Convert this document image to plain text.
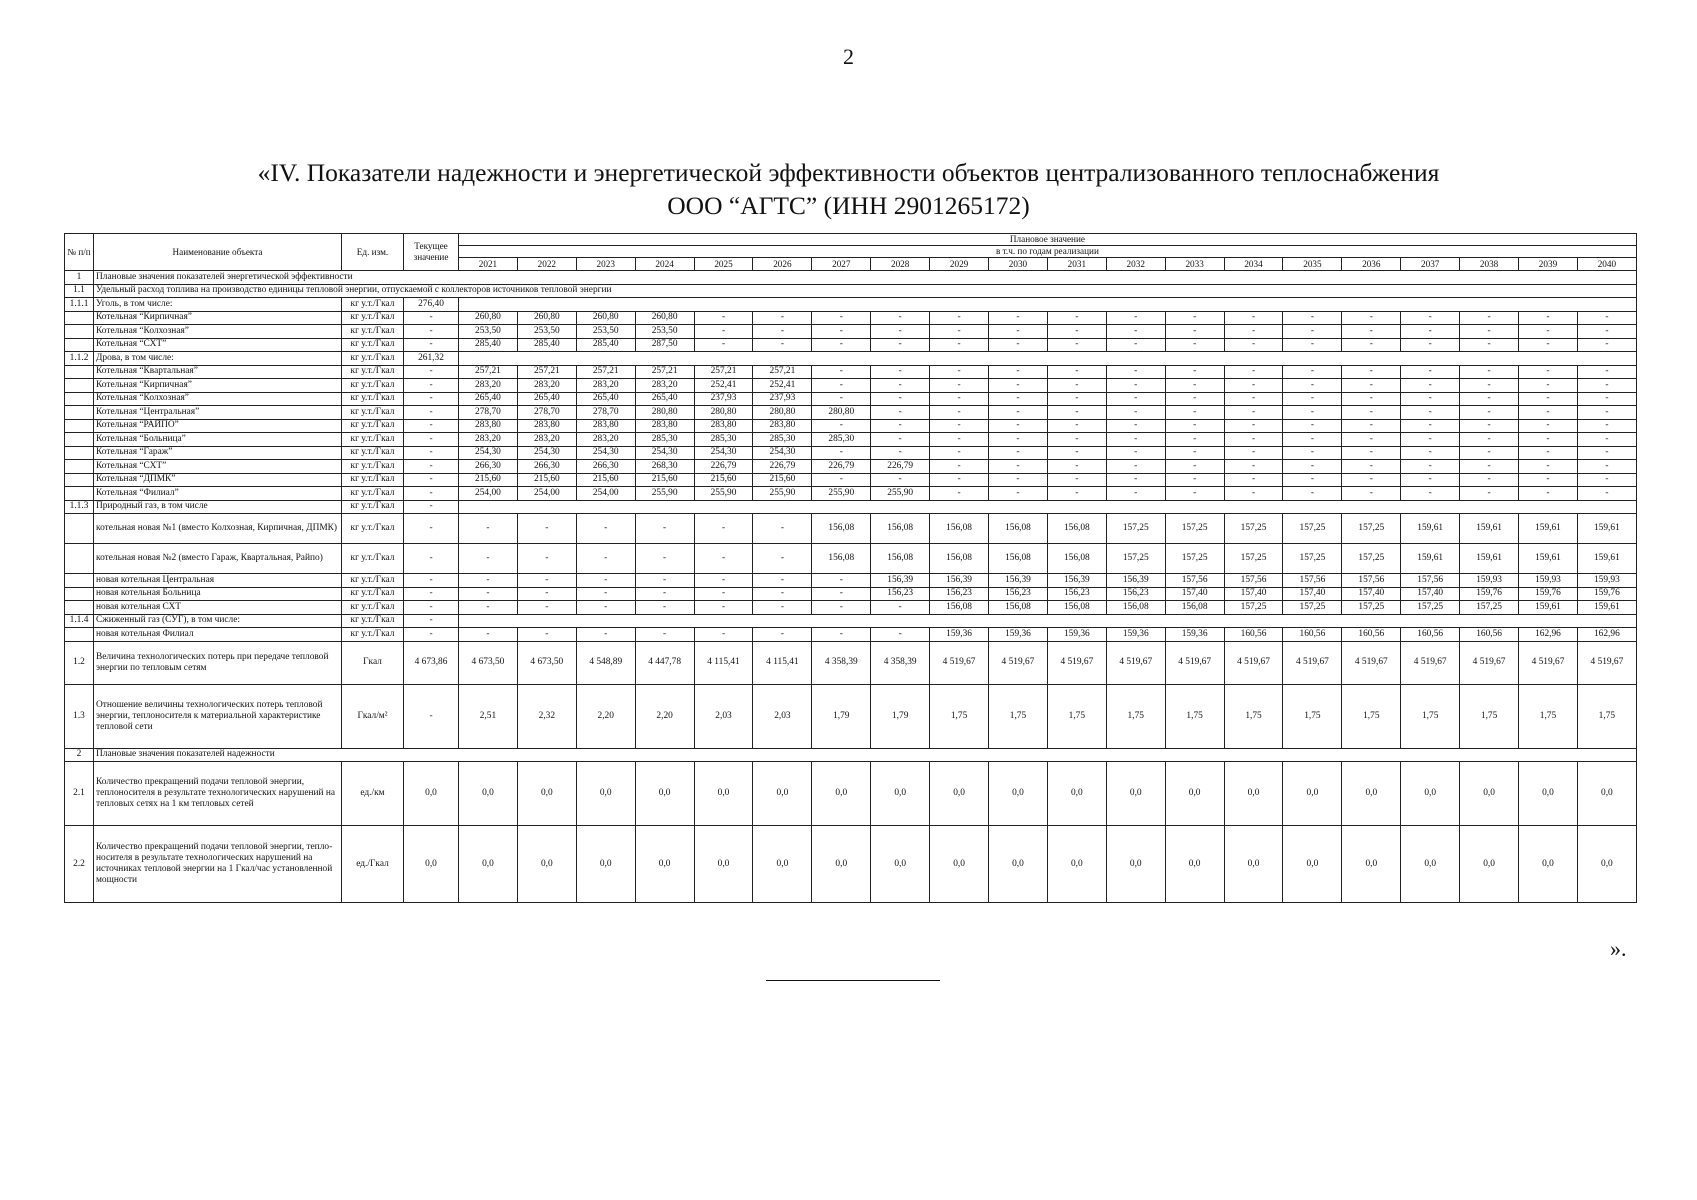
2
«IV. Показатели надежности и энергетической эффективности объектов централизованного теплоснабжения
ООО “АГТС” (ИНН 2901265172)
№ п/п	Наименование объекта	Ед. изм.	Текущее значение	Плановое значение																			
				в т.ч. по годам реализации																			
				2021	2022	2023	2024	2025	2026	2027	2028	2029	2030	2031	2032	2033	2034	2035	2036	2037	2038	2039	2040
1	Плановые значения показателей энергетической эффективности																						
1.1	Удельный расход топлива на производство единицы тепловой энергии, отпускаемой с коллекторов источников тепловой энергии																						
1.1.1	Уголь, в том числе:	кг у.т./Гкал	276,40																				
	Котельная “Кирпичная”	кг у.т./Гкал	-	260,80	260,80	260,80	260,80	-	-	-	-	-	-	-	-	-	-	-	-	-	-	-	-
	Котельная “Колхозная”	кг у.т./Гкал	-	253,50	253,50	253,50	253,50	-	-	-	-	-	-	-	-	-	-	-	-	-	-	-	-
	Котельная “СХТ”	кг у.т./Гкал	-	285,40	285,40	285,40	287,50	-	-	-	-	-	-	-	-	-	-	-	-	-	-	-	-
1.1.2	Дрова, в том числе:	кг у.т./Гкал	261,32																				
	Котельная “Квартальная”	кг у.т./Гкал	-	257,21	257,21	257,21	257,21	257,21	257,21	-	-	-	-	-	-	-	-	-	-	-	-	-	-
	Котельная “Кирпичная”	кг у.т./Гкал	-	283,20	283,20	283,20	283,20	252,41	252,41	-	-	-	-	-	-	-	-	-	-	-	-	-	-
	Котельная “Колхозная”	кг у.т./Гкал	-	265,40	265,40	265,40	265,40	237,93	237,93	-	-	-	-	-	-	-	-	-	-	-	-	-	-
	Котельная “Центральная”	кг у.т./Гкал	-	278,70	278,70	278,70	280,80	280,80	280,80	280,80	-	-	-	-	-	-	-	-	-	-	-	-	-
	Котельная “РАЙПО”	кг у.т./Гкал	-	283,80	283,80	283,80	283,80	283,80	283,80	-	-	-	-	-	-	-	-	-	-	-	-	-	-
	Котельная “Больница”	кг у.т./Гкал	-	283,20	283,20	283,20	285,30	285,30	285,30	285,30	-	-	-	-	-	-	-	-	-	-	-	-	-
	Котельная “Гараж”	кг у.т./Гкал	-	254,30	254,30	254,30	254,30	254,30	254,30	-	-	-	-	-	-	-	-	-	-	-	-	-	-
	Котельная “СХТ”	кг у.т./Гкал	-	266,30	266,30	266,30	268,30	226,79	226,79	226,79	226,79	-	-	-	-	-	-	-	-	-	-	-	-
	Котельная “ДПМК”	кг у.т./Гкал	-	215,60	215,60	215,60	215,60	215,60	215,60	-	-	-	-	-	-	-	-	-	-	-	-	-	-
	Котельная “Филиал”	кг у.т./Гкал	-	254,00	254,00	254,00	255,90	255,90	255,90	255,90	255,90	-	-	-	-	-	-	-	-	-	-	-	-
1.1.3	Природный газ, в том числе	кг у.т./Гкал	-																				
	котельная новая №1 (вместо Колхозная, Кирпичная, ДПМК)	кг у.т./Гкал	-	-	-	-	-	-	-	156,08	156,08	156,08	156,08	156,08	157,25	157,25	157,25	157,25	157,25	159,61	159,61	159,61	159,61
	котельная новая №2 (вместо Гараж, Квартальная, Райпо)	кг у.т./Гкал	-	-	-	-	-	-	-	156,08	156,08	156,08	156,08	156,08	157,25	157,25	157,25	157,25	157,25	159,61	159,61	159,61	159,61
	новая котельная Центральная	кг у.т./Гкал	-	-	-	-	-	-	-	-	156,39	156,39	156,39	156,39	156,39	157,56	157,56	157,56	157,56	157,56	159,93	159,93	159,93
	новая котельная Больница	кг у.т./Гкал	-	-	-	-	-	-	-	-	156,23	156,23	156,23	156,23	156,23	157,40	157,40	157,40	157,40	157,40	159,76	159,76	159,76
	новая котельная СХТ	кг у.т./Гкал	-	-	-	-	-	-	-	-	-	156,08	156,08	156,08	156,08	156,08	157,25	157,25	157,25	157,25	157,25	159,61	159,61
1.1.4	Сжиженный газ (СУГ), в том числе:	кг у.т./Гкал	-																				
	новая котельная Филиал	кг у.т./Гкал	-	-	-	-	-	-	-	-	-	159,36	159,36	159,36	159,36	159,36	160,56	160,56	160,56	160,56	160,56	162,96	162,96
1.2	Величина технологических потерь при передаче тепловой энергии по тепловым сетям	Гкал	4 673,86	4 673,50	4 673,50	4 548,89	4 447,78	4 115,41	4 115,41	4 358,39	4 358,39	4 519,67	4 519,67	4 519,67	4 519,67	4 519,67	4 519,67	4 519,67	4 519,67	4 519,67	4 519,67	4 519,67	4 519,67
1.3	Отношение величины технологических потерь тепловой энергии, теплоносителя к материальной характеристике тепловой сети	Гкал/м²	-	2,51	2,32	2,20	2,20	2,03	2,03	1,79	1,79	1,75	1,75	1,75	1,75	1,75	1,75	1,75	1,75	1,75	1,75	1,75	1,75
2	Плановые значения показателей надежности																						
2.1	Количество прекращений подачи тепловой энергии, теплоносителя в результате технологических нарушений на тепловых сетях на 1 км тепловых сетей	ед./км	0,0	0,0	0,0	0,0	0,0	0,0	0,0	0,0	0,0	0,0	0,0	0,0	0,0	0,0	0,0	0,0	0,0	0,0	0,0	0,0	0,0
2.2	Количество прекращений подачи тепловой энергии, тепло- носителя в результате технологических нарушений на источниках тепловой энергии на 1 Гкал/час установленной мощности	ед./Гкал	0,0	0,0	0,0	0,0	0,0	0,0	0,0	0,0	0,0	0,0	0,0	0,0	0,0	0,0	0,0	0,0	0,0	0,0	0,0	0,0	0,0
».
